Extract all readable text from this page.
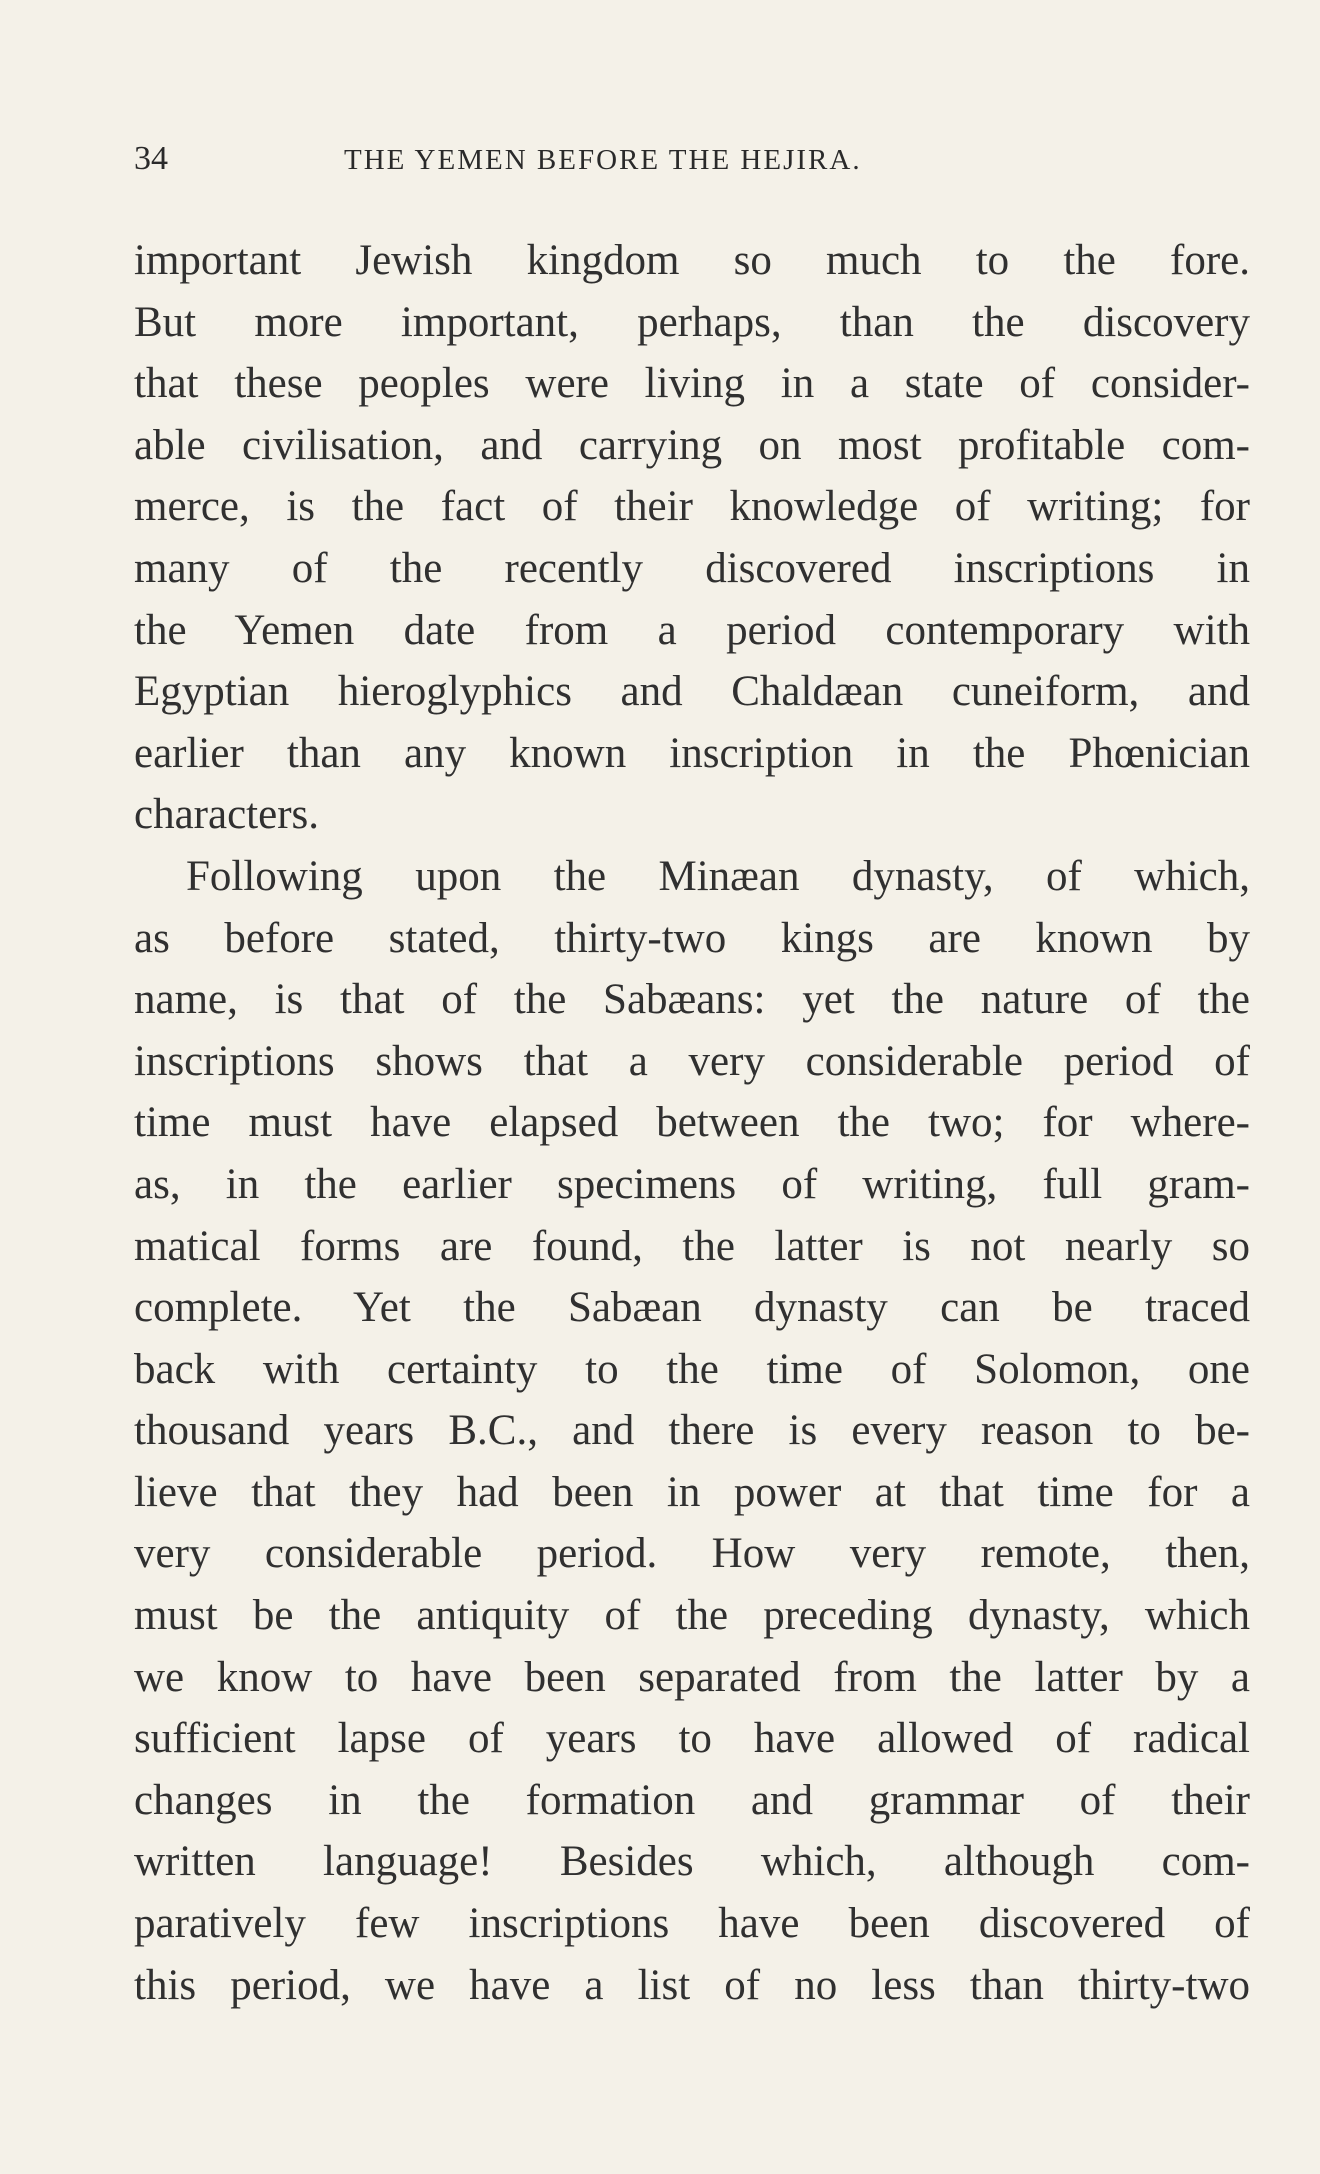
34	THE YEMEN BEFORE THE HEJIRA.
important Jewish kingdom so much to the fore.
But more important, perhaps, than the discovery
that these peoples were living in a state of consider-
able civilisation, and carrying on most profitable com-
merce, is the fact of their knowledge of writing; for
many of the recently discovered inscriptions in
the Yemen date from a period contemporary with
Egyptian hieroglyphics and Chaldæan cuneiform, and
earlier than any known inscription in the Phœnician
characters.
Following upon the Minæan dynasty, of which,
as before stated, thirty-two kings are known by
name, is that of the Sabæans: yet the nature of the
inscriptions shows that a very considerable period of
time must have elapsed between the two; for where-
as, in the earlier specimens of writing, full gram-
matical forms are found, the latter is not nearly so
complete. Yet the Sabæan dynasty can be traced
back with certainty to the time of Solomon, one
thousand years B.C., and there is every reason to be-
lieve that they had been in power at that time for a
very considerable period. How very remote, then,
must be the antiquity of the preceding dynasty, which
we know to have been separated from the latter by a
sufficient lapse of years to have allowed of radical
changes in the formation and grammar of their
written language! Besides which, although com-
paratively few inscriptions have been discovered of
this period, we have a list of no less than thirty-two
